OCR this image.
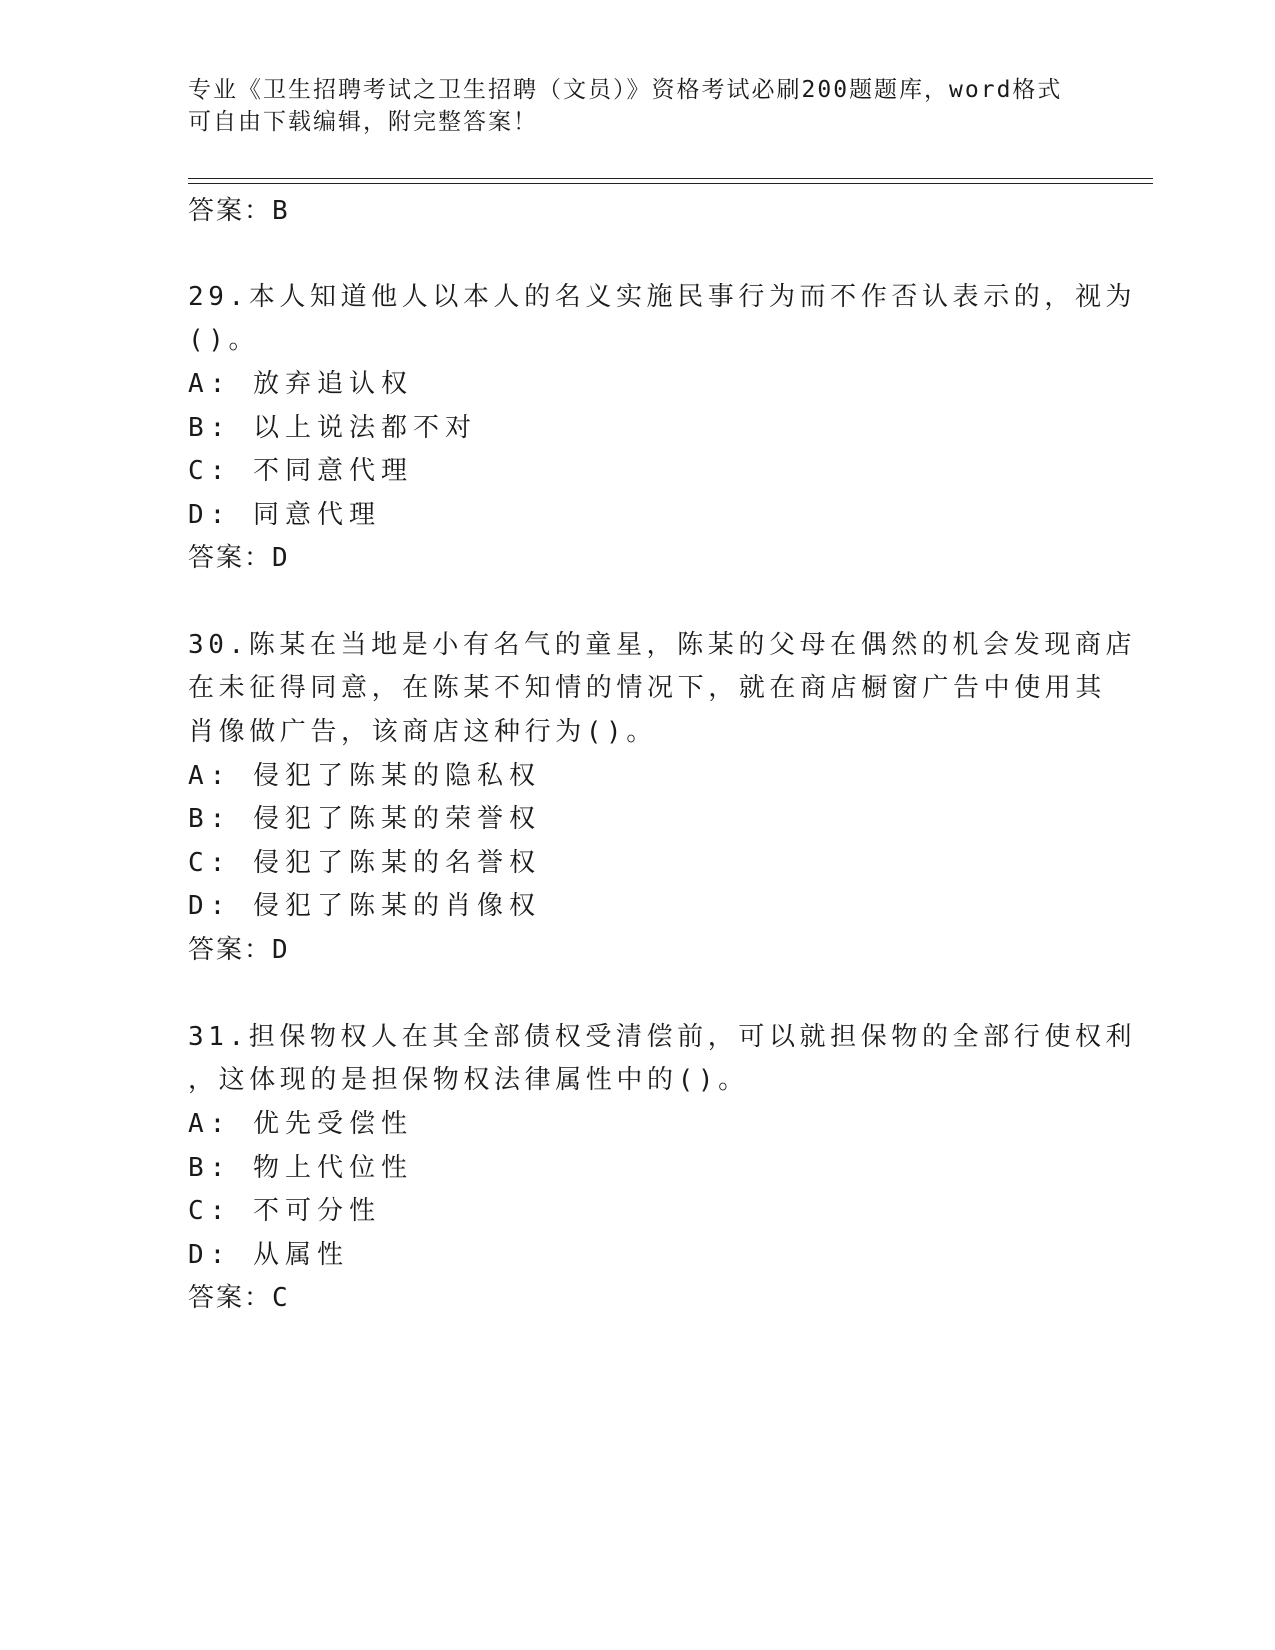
专业《卫生招聘考试之卫生招聘（文员）》资格考试必刷200题题库，word格式
可自由下载编辑，附完整答案！
答案：B
29.本人知道他人以本人的名义实施民事行为而不作否认表示的，视为
()。
A: 放弃追认权
B: 以上说法都不对
C: 不同意代理
D: 同意代理
答案：D
30.陈某在当地是小有名气的童星，陈某的父母在偶然的机会发现商店
在未征得同意，在陈某不知情的情况下，就在商店橱窗广告中使用其
肖像做广告，该商店这种行为()。
A: 侵犯了陈某的隐私权
B: 侵犯了陈某的荣誉权
C: 侵犯了陈某的名誉权
D: 侵犯了陈某的肖像权
答案：D
31.担保物权人在其全部债权受清偿前，可以就担保物的全部行使权利
，这体现的是担保物权法律属性中的()。
A: 优先受偿性
B: 物上代位性
C: 不可分性
D: 从属性
答案：C
